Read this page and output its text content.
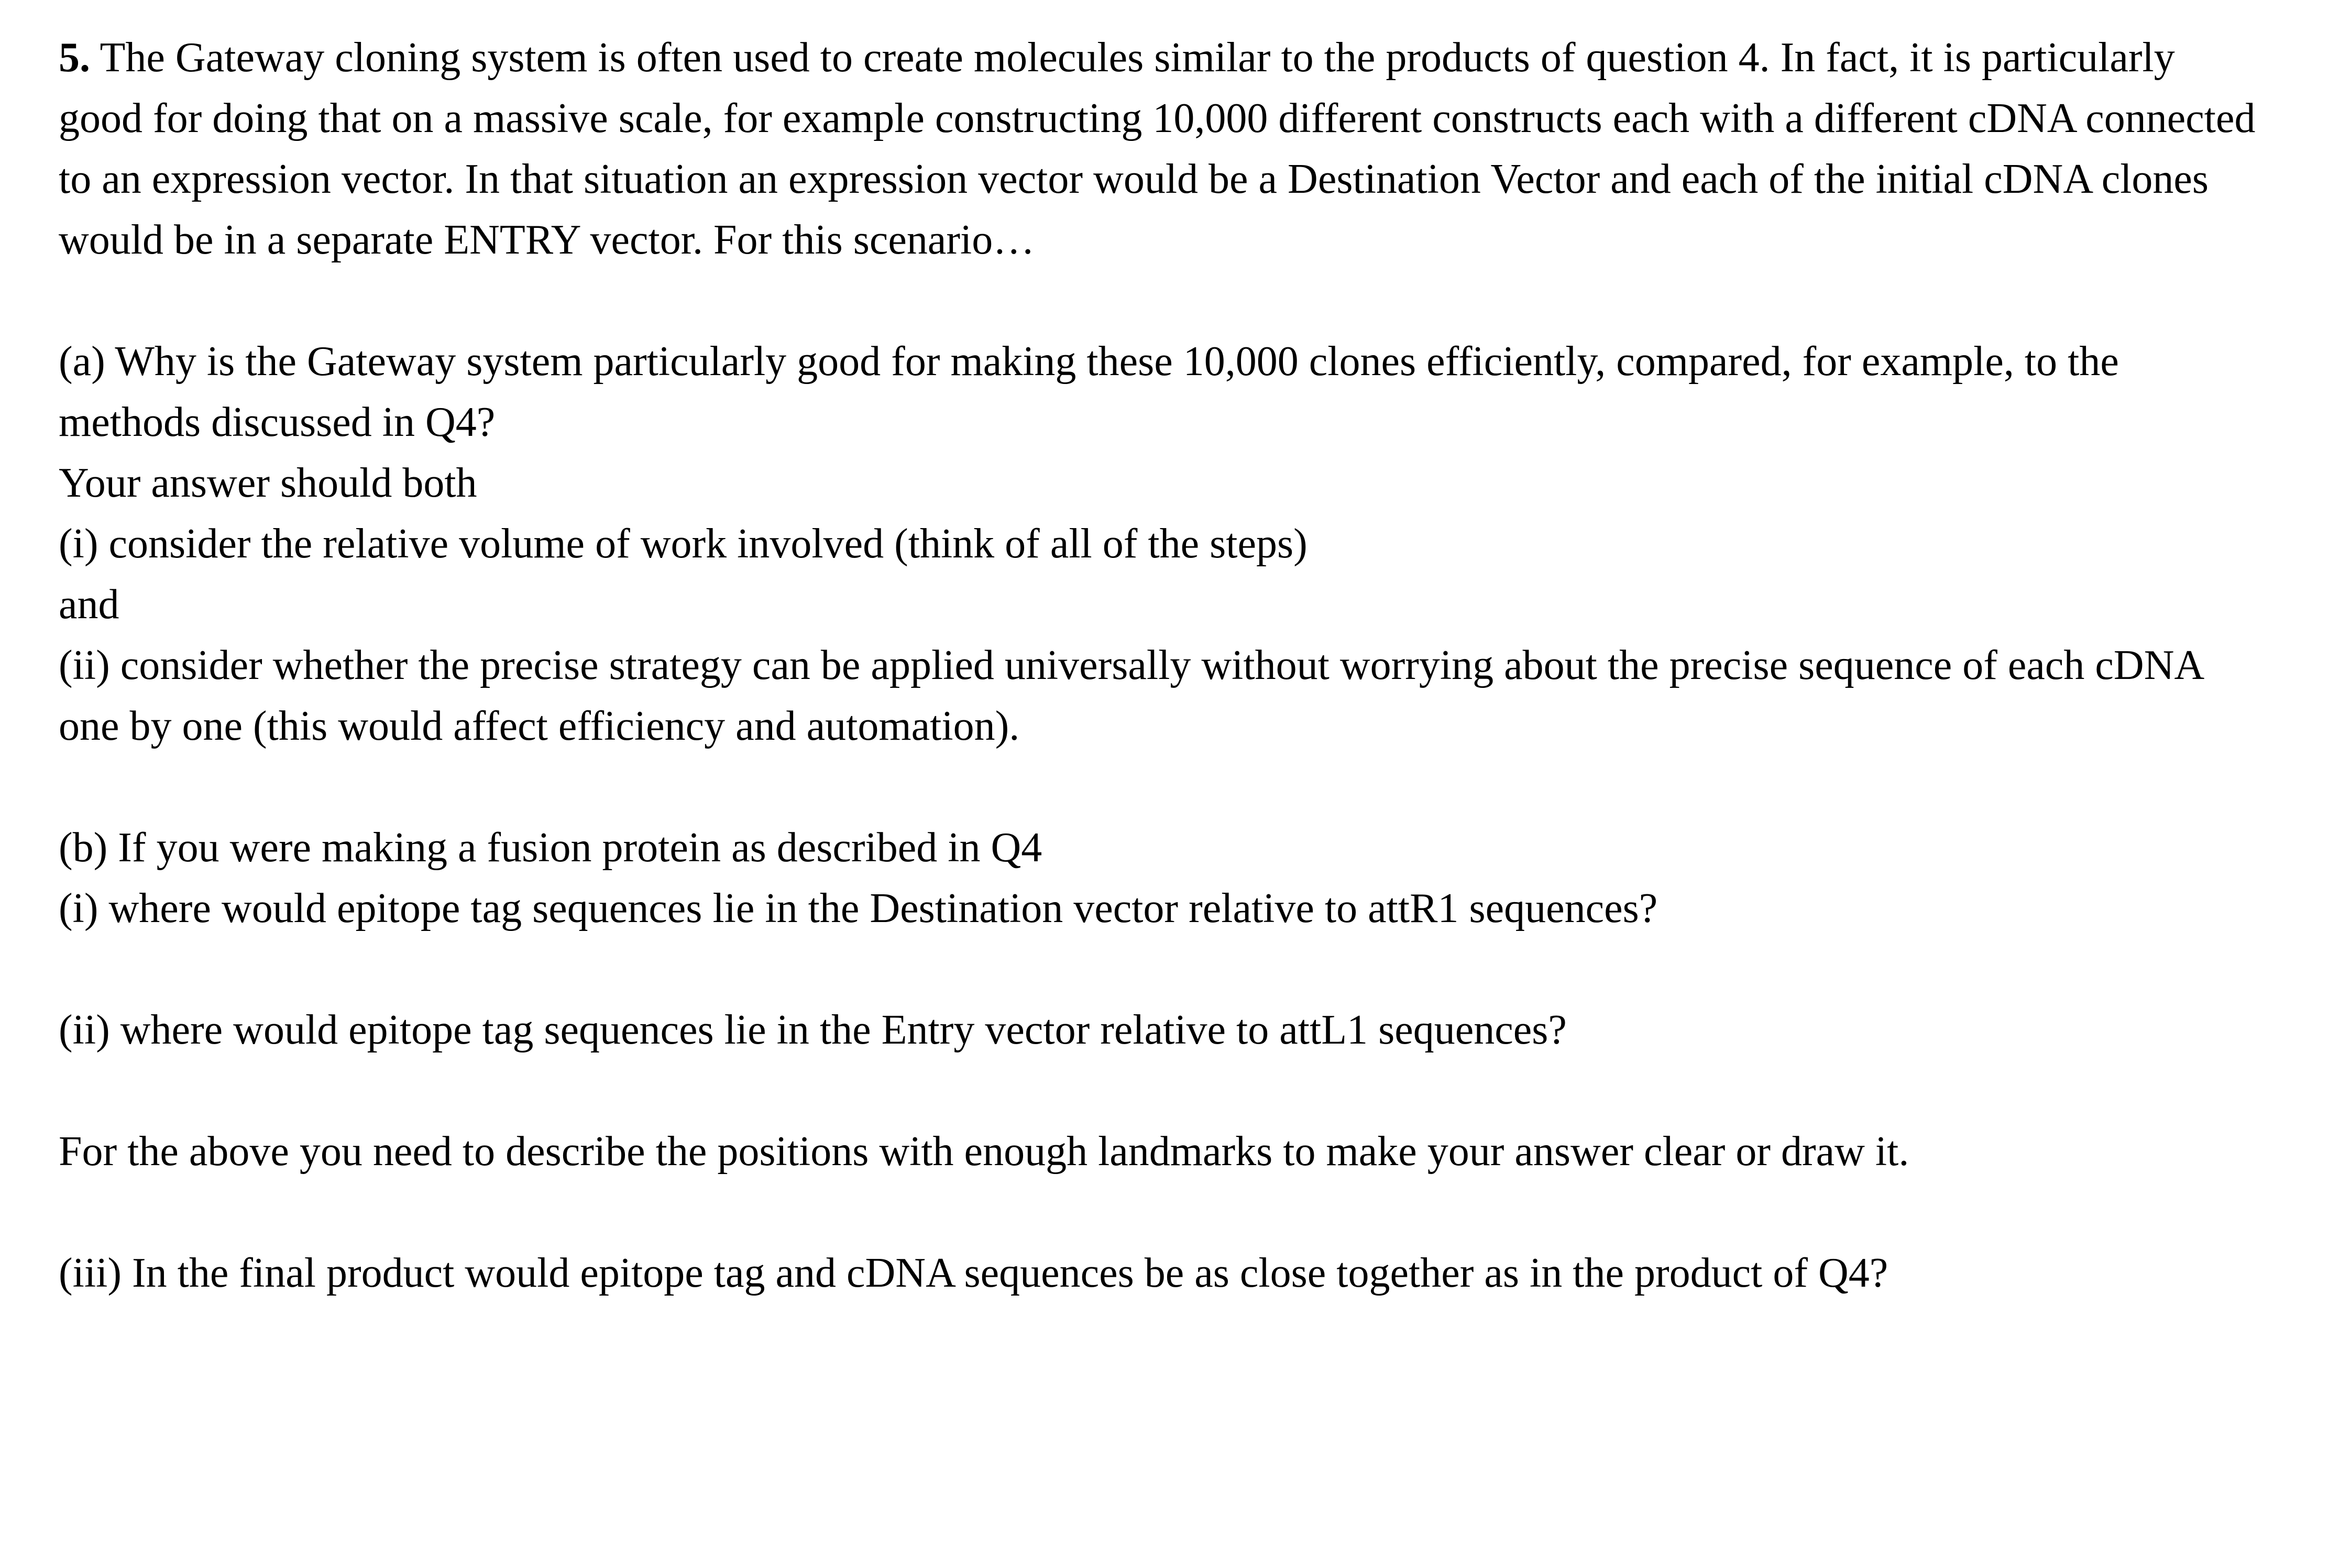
5. The Gateway cloning system is often used to create molecules similar to the products of question 4. In fact, it is particularly good for doing that on a massive scale, for example constructing 10,000 different constructs each with a different cDNA connected to an expression vector. In that situation an expression vector would be a Destination Vector and each of the initial cDNA clones would be in a separate ENTRY vector. For this scenario…

(a) Why is the Gateway system particularly good for making these 10,000 clones efficiently, compared, for example, to the methods discussed in Q4?

Your answer should both

(i) consider the relative volume of work involved (think of all of the steps)

and

(ii) consider whether the precise strategy can be applied universally without worrying about the precise sequence of each cDNA one by one (this would affect efficiency and automation).

(b) If you were making a fusion protein as described in Q4

(i) where would epitope tag sequences lie in the Destination vector relative to attR1 sequences?

(ii) where would epitope tag sequences lie in the Entry vector relative to attL1 sequences?

For the above you need to describe the positions with enough landmarks to make your answer clear or draw it.

(iii) In the final product would epitope tag and cDNA sequences be as close together as in the product of Q4?
